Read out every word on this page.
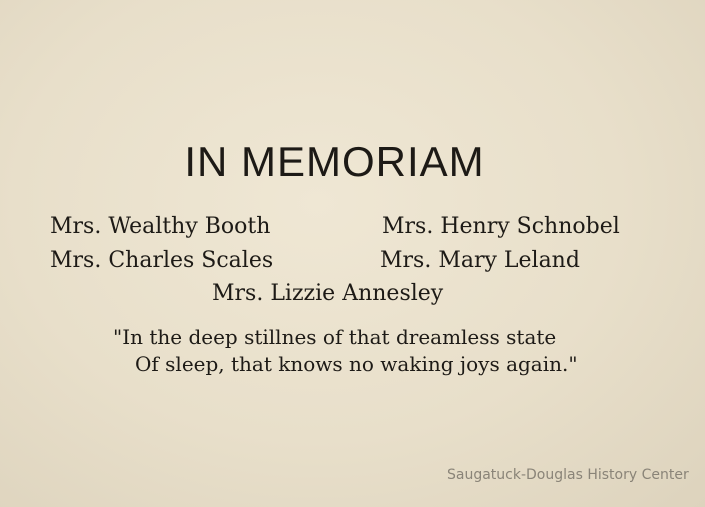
IN MEMORIAM
Mrs. Wealthy Booth	Mrs. Henry Schnobel
Mrs. Charles Scales	Mrs. Mary Leland
Mrs. Lizzie Annesley
"In the deep stillnes of that dreamless state
Of sleep, that knows no waking joys again."
Saugatuck-Douglas History Center
